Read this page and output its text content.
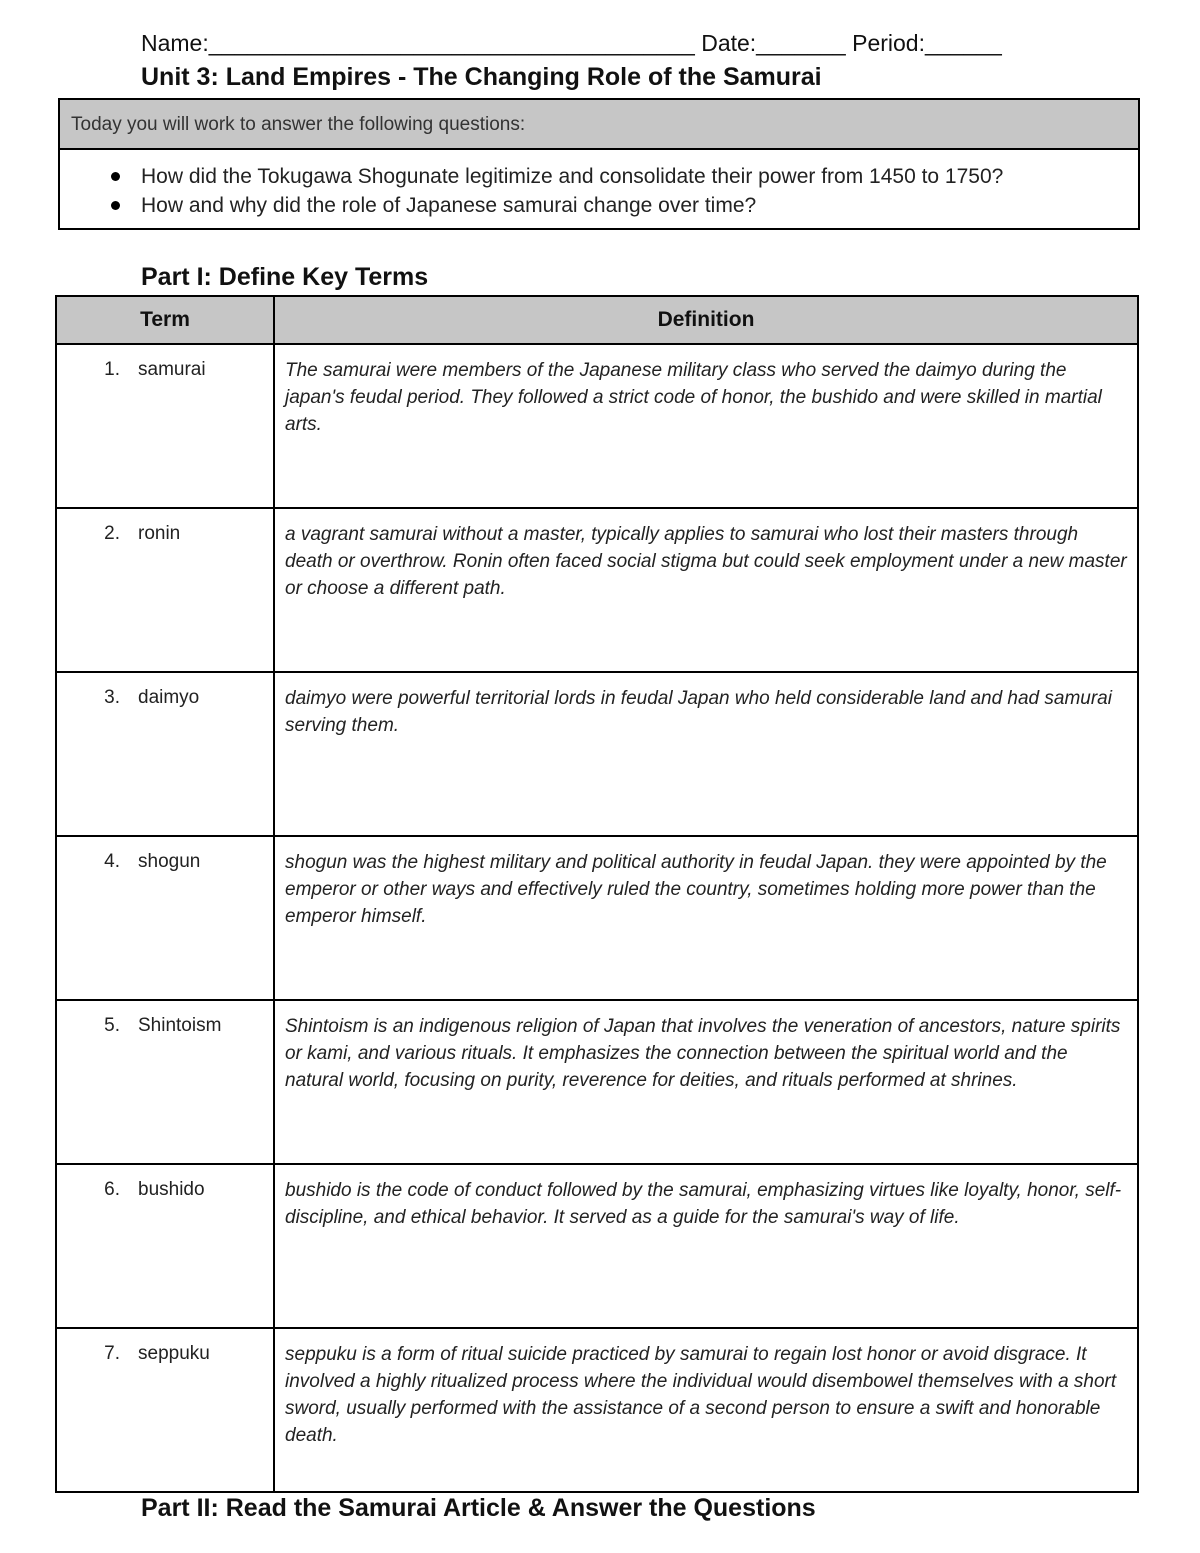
Name:______________________________________ Date:_______ Period:______
Unit 3: Land Empires - The Changing Role of the Samurai
Today you will work to answer the following questions:
How did the Tokugawa Shogunate legitimize and consolidate their power from 1450 to 1750?
How and why did the role of Japanese samurai change over time?
Part I: Define Key Terms
Term	Definition

1. samurai	The samurai were members of the Japanese military class who served the daimyo during the japan's feudal period. They followed a strict code of honor, the bushido and were skilled in martial arts.

2. ronin	a vagrant samurai without a master, typically applies to samurai who lost their masters through death or overthrow. Ronin often faced social stigma but could seek employment under a new master or choose a different path.

3. daimyo	daimyo were powerful territorial lords in feudal Japan who held considerable land and had samurai serving them.

4. shogun	shogun was the highest military and political authority in feudal Japan. they were appointed by the emperor or other ways and effectively ruled the country, sometimes holding more power than the emperor himself.

5. Shintoism	Shintoism is an indigenous religion of Japan that involves the veneration of ancestors, nature spirits or kami, and various rituals. It emphasizes the connection between the spiritual world and the natural world, focusing on purity, reverence for deities, and rituals performed at shrines.

6. bushido	bushido is the code of conduct followed by the samurai, emphasizing virtues like loyalty, honor, self-discipline, and ethical behavior. It served as a guide for the samurai's way of life.

7. seppuku	seppuku is a form of ritual suicide practiced by samurai to regain lost honor or avoid disgrace. It involved a highly ritualized process where the individual would disembowel themselves with a short sword, usually performed with the assistance of a second person to ensure a swift and honorable death.
Part II: Read the Samurai Article & Answer the Questions
